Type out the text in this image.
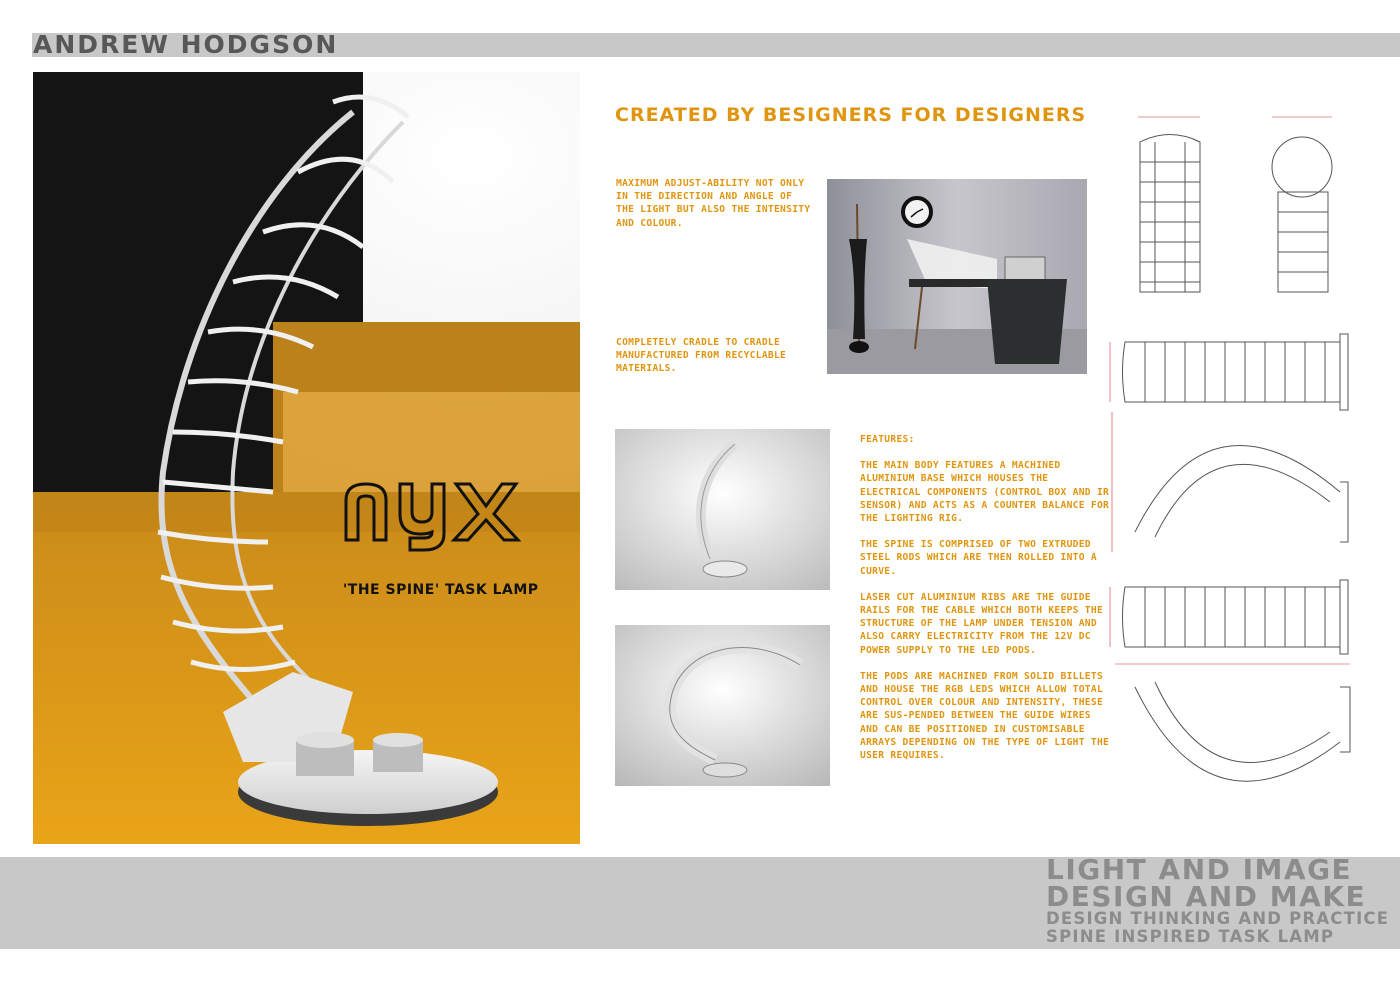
ANDREW HODGSON
'THE SPINE' TASK LAMP
CREATED BY BESIGNERS FOR DESIGNERS
MAXIMUM ADJUST-ABILITY NOT ONLY IN THE DIRECTION AND ANGLE OF THE LIGHT BUT ALSO THE INTENSITY AND COLOUR.
COMPLETELY CRADLE TO CRADLE MANUFACTURED FROM RECYCLABLE MATERIALS.

FEATURES:

THE MAIN BODY FEATURES A MACHINED ALUMINIUM BASE WHICH HOUSES THE ELECTRICAL COMPONENTS (CONTROL BOX AND IR SENSOR) AND ACTS AS A COUNTER BALANCE FOR THE LIGHTING RIG.

THE SPINE IS COMPRISED OF TWO EXTRUDED STEEL RODS WHICH ARE THEN ROLLED INTO A CURVE.

LASER CUT ALUMINIUM RIBS ARE THE GUIDE RAILS FOR THE CABLE WHICH BOTH KEEPS THE STRUCTURE OF THE LAMP UNDER TENSION AND ALSO CARRY ELECTRICITY FROM THE 12V DC POWER SUPPLY TO THE LED PODS.

THE PODS ARE MACHINED FROM SOLID BILLETS AND HOUSE THE RGB LEDS WHICH ALLOW TOTAL CONTROL OVER COLOUR AND INTENSITY, THESE ARE SUS-PENDED BETWEEN THE GUIDE WIRES AND CAN BE POSITIONED IN CUSTOMISABLE ARRAYS DEPENDING ON THE TYPE OF LIGHT THE USER REQUIRES.

LIGHT AND IMAGE
DESIGN AND MAKE
DESIGN THINKING AND PRACTICE
SPINE INSPIRED TASK LAMP
